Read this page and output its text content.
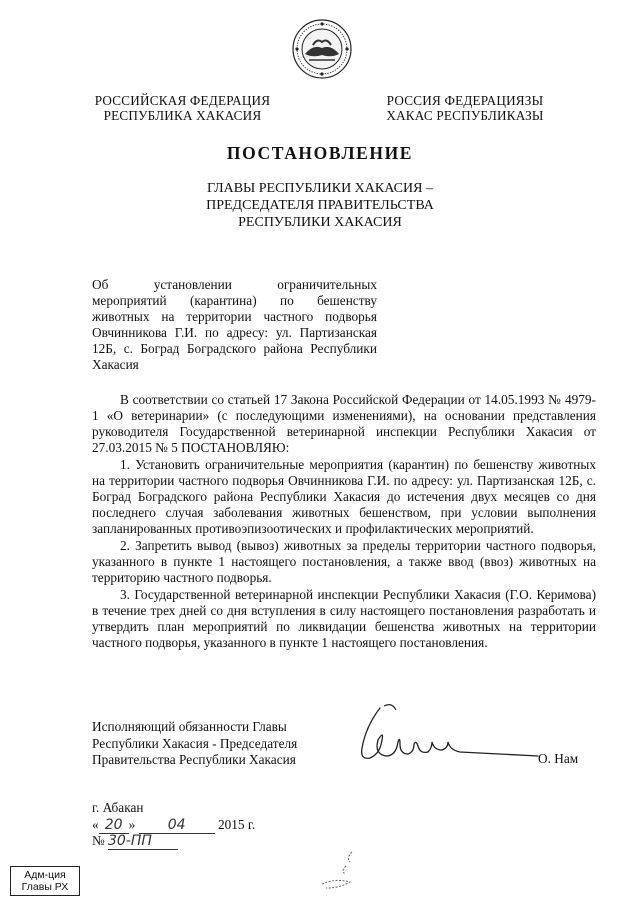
РОССИЙСКАЯ ФЕДЕРАЦИЯ
РЕСПУБЛИКА ХАКАСИЯ
РОССИЯ ФЕДЕРАЦИЯЗЫ
ХАКАС РЕСПУБЛИКАЗЫ
ПОСТАНОВЛЕНИЕ
ГЛАВЫ РЕСПУБЛИКИ ХАКАСИЯ –
ПРЕДСЕДАТЕЛЯ ПРАВИТЕЛЬСТВА
РЕСПУБЛИКИ ХАКАСИЯ
Об установлении ограничительных
мероприятий (карантина) по бешенству
животных на территории частного подворья
Овчинникова Г.И. по адресу: ул. Партизанская
12Б, с. Боград Боградского района Республики
Хакасия

В соответствии со статьей 17 Закона Российской Федерации от 14.05.1993 № 4979-1 «О ветеринарии» (с последующими изменениями), на основании представления руководителя Государственной ветеринарной инспекции Республики Хакасия от 27.03.2015 № 5 ПОСТАНОВЛЯЮ:

1. Установить ограничительные мероприятия (карантин) по бешенству животных на территории частного подворья Овчинникова Г.И. по адресу: ул. Партизанская 12Б, с. Боград Боградского района Республики Хакасия до истечения двух месяцев со дня последнего случая заболевания животных бешенством, при условии выполнения запланированных противоэпизоотических и профилактических мероприятий.

2. Запретить вывод (вывоз) животных за пределы территории частного подворья, указанного в пункте 1 настоящего постановления, а также ввод (ввоз) животных на территорию частного подворья.

3. Государственной ветеринарной инспекции Республики Хакасия (Г.О. Керимова) в течение трех дней со дня вступления в силу настоящего постановления разработать и утвердить план мероприятий по ликвидации бешенства животных на территории частного подворья, указанного в пункте 1 настоящего постановления.

Исполняющий обязанности Главы
Республики Хакасия - Председателя
Правительства Республики Хакасия	О. Нам
г. Абакан
« 20 » 04 2015 г.
№ 30-ПП
Адм-ция
Главы РХ
